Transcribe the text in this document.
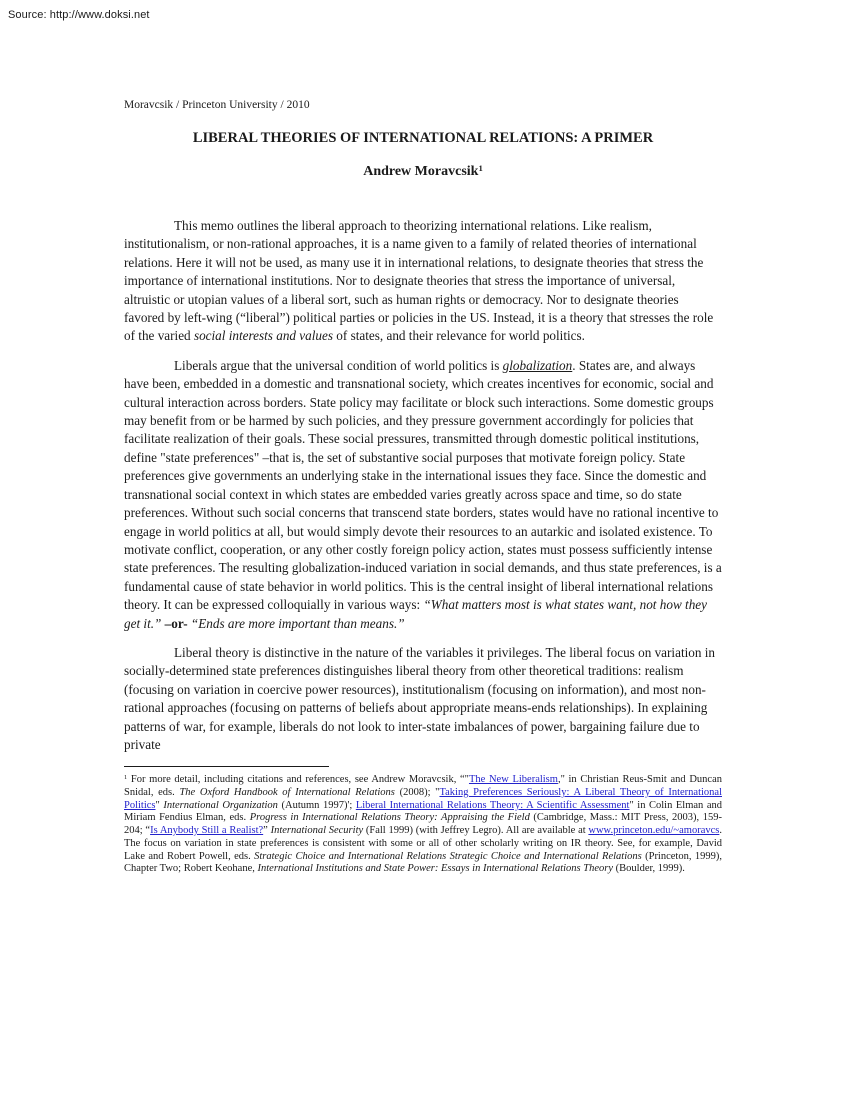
Source: http://www.doksi.net
Moravcsik / Princeton University / 2010
LIBERAL THEORIES OF INTERNATIONAL RELATIONS: A PRIMER
Andrew Moravcsik$^1$

This memo outlines the liberal approach to theorizing international relations. Like realism, institutionalism, or non-rational approaches, it is a name given to a family of related theories of international relations. Here it will not be used, as many use it in international relations, to designate theories that stress the importance of international institutions. Nor to designate theories that stress the importance of universal, altruistic or utopian values of a liberal sort, such as human rights or democracy. Nor to designate theories favored by left-wing (“liberal”) political parties or policies in the US. Instead, it is a theory that stresses the role of the varied social interests and values of states, and their relevance for world politics.

Liberals argue that the universal condition of world politics is globalization. States are, and always have been, embedded in a domestic and transnational society, which creates incentives for economic, social and cultural interaction across borders. State policy may facilitate or block such interactions. Some domestic groups may benefit from or be harmed by such policies, and they pressure government accordingly for policies that facilitate realization of their goals. These social pressures, transmitted through domestic political institutions, define "state preferences" –that is, the set of substantive social purposes that motivate foreign policy. State preferences give governments an underlying stake in the international issues they face. Since the domestic and transnational social context in which states are embedded varies greatly across space and time, so do state preferences. Without such social concerns that transcend state borders, states would have no rational incentive to engage in world politics at all, but would simply devote their resources to an autarkic and isolated existence. To motivate conflict, cooperation, or any other costly foreign policy action, states must possess sufficiently intense state preferences. The resulting globalization-induced variation in social demands, and thus state preferences, is a fundamental cause of state behavior in world politics. This is the central insight of liberal international relations theory. It can be expressed colloquially in various ways: “What matters most is what states want, not how they get it.” –or- “Ends are more important than means.”

Liberal theory is distinctive in the nature of the variables it privileges. The liberal focus on variation in socially-determined state preferences distinguishes liberal theory from other theoretical traditions: realism (focusing on variation in coercive power resources), institutionalism (focusing on information), and most non-rational approaches (focusing on patterns of beliefs about appropriate means-ends relationships). In explaining patterns of war, for example, liberals do not look to inter-state imbalances of power, bargaining failure due to private

$^1$ For more detail, including citations and references, see Andrew Moravcsik, “"The New Liberalism," in Christian Reus-Smit and Duncan Snidal, eds. The Oxford Handbook of International Relations (2008); "Taking Preferences Seriously: A Liberal Theory of International Politics" International Organization (Autumn 1997)'; Liberal International Relations Theory: A Scientific Assessment" in Colin Elman and Miriam Fendius Elman, eds. Progress in International Relations Theory: Appraising the Field (Cambridge, Mass.: MIT Press, 2003), 159-204; “Is Anybody Still a Realist?” International Security (Fall 1999) (with Jeffrey Legro). All are available at www.princeton.edu/~amoravcs. The focus on variation in state preferences is consistent with some or all of other scholarly writing on IR theory. See, for example, David Lake and Robert Powell, eds. Strategic Choice and International Relations Strategic Choice and International Relations (Princeton, 1999), Chapter Two; Robert Keohane, International Institutions and State Power: Essays in International Relations Theory (Boulder, 1999).
